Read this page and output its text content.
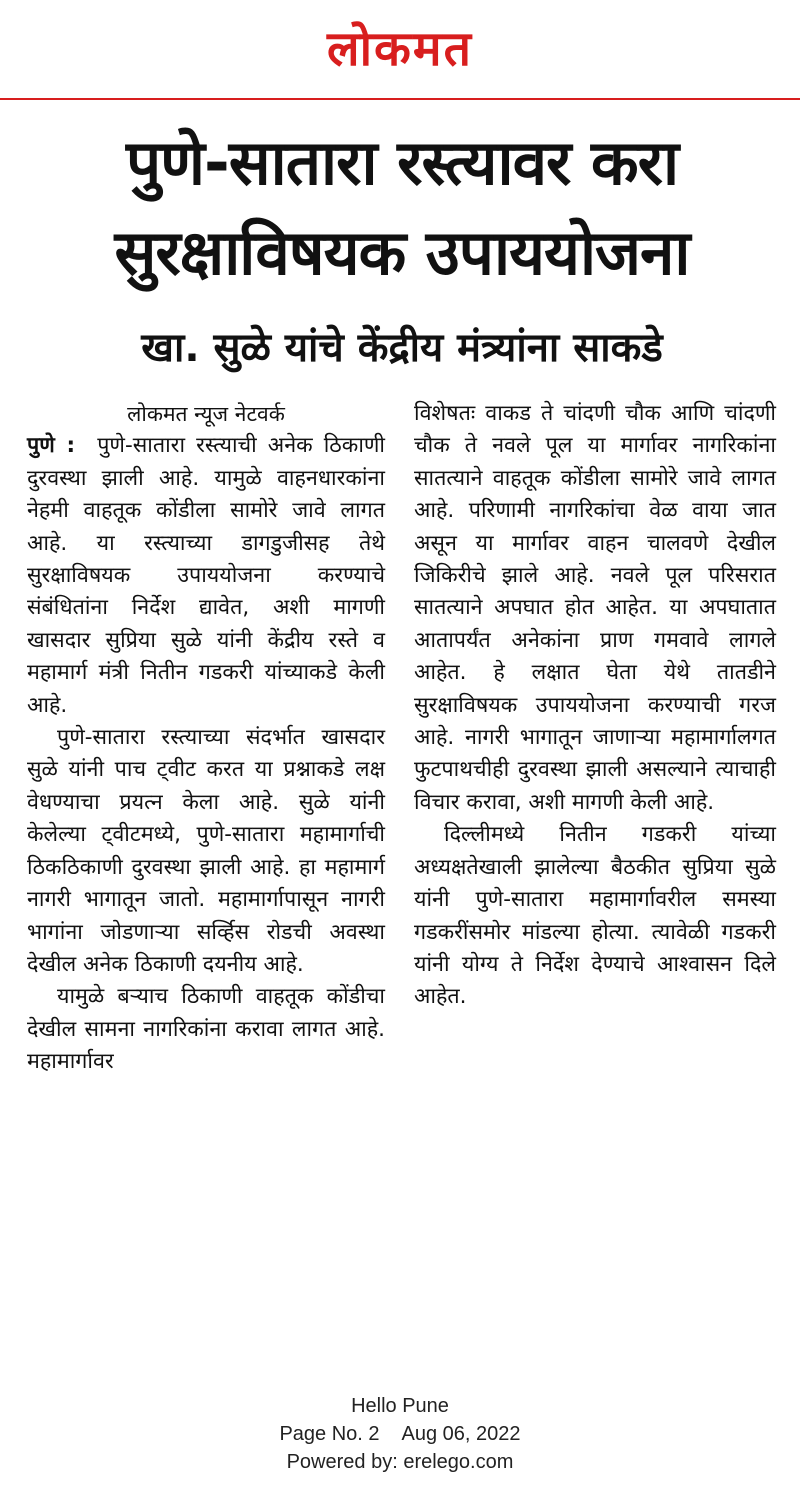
लोकमत
पुणे-सातारा रस्त्यावर करा
सुरक्षाविषयक उपाययोजना
खा. सुळे यांचे केंद्रीय मंत्र्यांना साकडे

लोकमत न्यूज नेटवर्क

पुणे : पुणे-सातारा रस्त्याची अनेक ठिकाणी दुरवस्था झाली आहे. यामुळे वाहनधारकांना नेहमी वाहतूक कोंडीला सामोरे जावे लागत आहे. या रस्त्याच्या डागडुजीसह तेथे सुरक्षाविषयक उपाययोजना करण्याचे संबंधितांना निर्देश द्यावेत, अशी मागणी खासदार सुप्रिया सुळे यांनी केंद्रीय रस्ते व महामार्ग मंत्री नितीन गडकरी यांच्याकडे केली आहे.

पुणे-सातारा रस्त्याच्या संदर्भात खासदार सुळे यांनी पाच ट्वीट करत या प्रश्नाकडे लक्ष वेधण्याचा प्रयत्न केला आहे. सुळे यांनी केलेल्या ट्वीटमध्ये, पुणे-सातारा महामार्गाची ठिकठिकाणी दुरवस्था झाली आहे. हा महामार्ग नागरी भागातून जातो. महामार्गापासून नागरी भागांना जोडणाऱ्या सर्व्हिस रोडची अवस्था देखील अनेक ठिकाणी दयनीय आहे.

यामुळे बऱ्याच ठिकाणी वाहतूक कोंडीचा देखील सामना नागरिकांना करावा लागत आहे. महामार्गावर

विशेषतः वाकड ते चांदणी चौक आणि चांदणी चौक ते नवले पूल या मार्गावर नागरिकांना सातत्याने वाहतूक कोंडीला सामोरे जावे लागत आहे. परिणामी नागरिकांचा वेळ वाया जात असून या मार्गावर वाहन चालवणे देखील जिकिरीचे झाले आहे. नवले पूल परिसरात सातत्याने अपघात होत आहेत. या अपघातात आतापर्यंत अनेकांना प्राण गमवावे लागले आहेत. हे लक्षात घेता येथे तातडीने सुरक्षाविषयक उपाययोजना करण्याची गरज आहे. नागरी भागातून जाणाऱ्या महामार्गालगत फुटपाथचीही दुरवस्था झाली असल्याने त्याचाही विचार करावा, अशी मागणी केली आहे.

दिल्लीमध्ये नितीन गडकरी यांच्या अध्यक्षतेखाली झालेल्या बैठकीत सुप्रिया सुळे यांनी पुणे-सातारा महामार्गावरील समस्या गडकरींसमोर मांडल्या होत्या. त्यावेळी गडकरी यांनी योग्य ते निर्देश देण्याचे आश्वासन दिले आहेत.

Hello Pune
Page No. 2 Aug 06, 2022
Powered by: erelego.com
